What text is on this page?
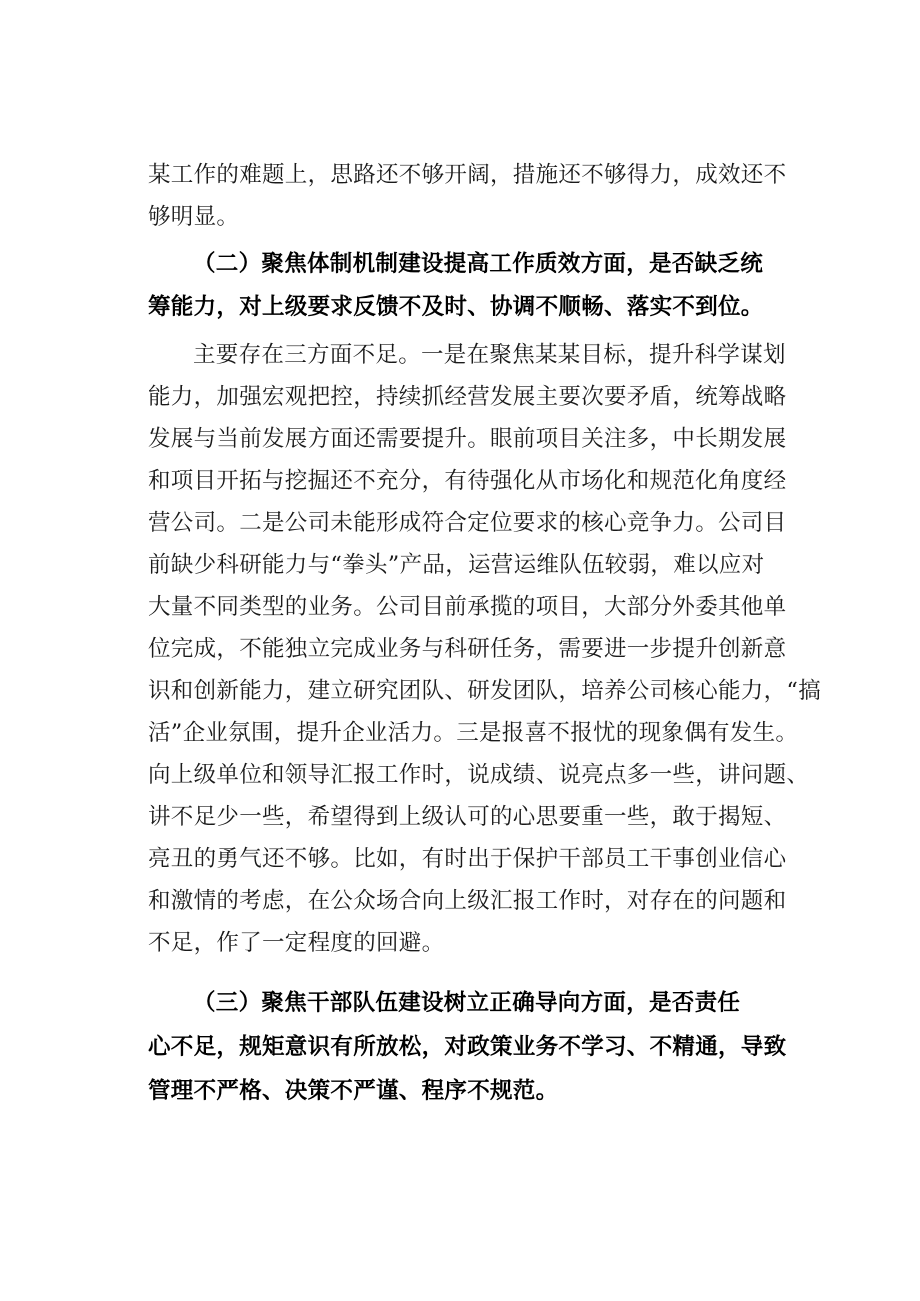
某工作的难题上，思路还不够开阔，措施还不够得力，成效还不
够明显。
（二）聚焦体制机制建设提高工作质效方面，是否缺乏统
筹能力，对上级要求反馈不及时、协调不顺畅、落实不到位。
主要存在三方面不足。一是在聚焦某某目标，提升科学谋划
能力，加强宏观把控，持续抓经营发展主要次要矛盾，统筹战略
发展与当前发展方面还需要提升。眼前项目关注多，中长期发展
和项目开拓与挖掘还不充分，有待强化从市场化和规范化角度经
营公司。二是公司未能形成符合定位要求的核心竞争力。公司目
前缺少科研能力与“拳头”产品，运营运维队伍较弱，难以应对
大量不同类型的业务。公司目前承揽的项目，大部分外委其他单
位完成，不能独立完成业务与科研任务，需要进一步提升创新意
识和创新能力，建立研究团队、研发团队，培养公司核心能力，“搞
活”企业氛围，提升企业活力。三是报喜不报忧的现象偶有发生。
向上级单位和领导汇报工作时，说成绩、说亮点多一些，讲问题、
讲不足少一些，希望得到上级认可的心思要重一些，敢于揭短、
亮丑的勇气还不够。比如，有时出于保护干部员工干事创业信心
和激情的考虑，在公众场合向上级汇报工作时，对存在的问题和
不足，作了一定程度的回避。
（三）聚焦干部队伍建设树立正确导向方面，是否责任
心不足，规矩意识有所放松，对政策业务不学习、不精通，导致
管理不严格、决策不严谨、程序不规范。
